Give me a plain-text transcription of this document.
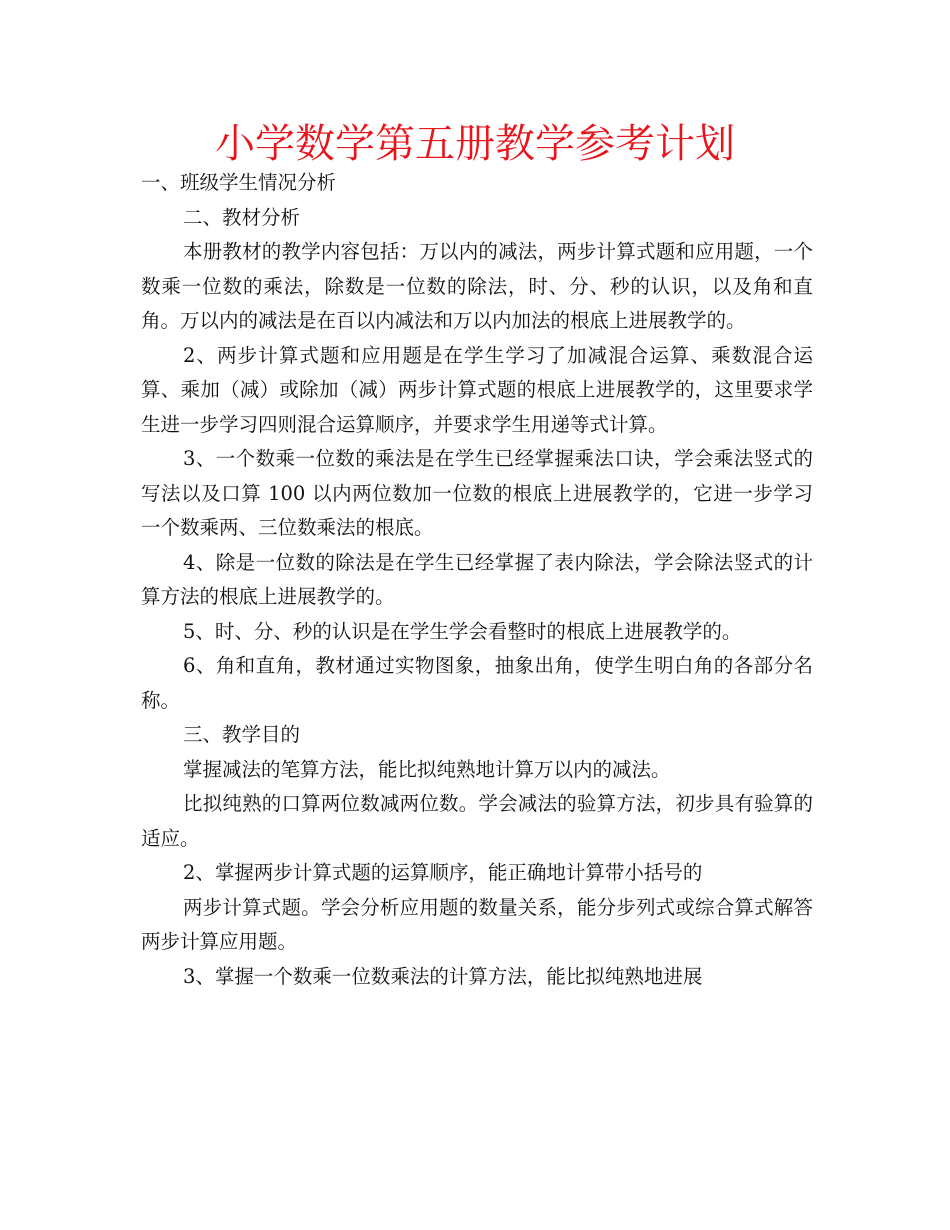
小学数学第五册教学参考计划

一、班级学生情况分析

二、教材分析

本册教材的教学内容包括：万以内的减法，两步计算式题和应用题，一个数乘一位数的乘法，除数是一位数的除法，时、分、秒的认识，以及角和直角。万以内的减法是在百以内减法和万以内加法的根底上进展教学的。

2、两步计算式题和应用题是在学生学习了加减混合运算、乘数混合运算、乘加（减）或除加（减）两步计算式题的根底上进展教学的，这里要求学生进一步学习四则混合运算顺序，并要求学生用递等式计算。

3、一个数乘一位数的乘法是在学生已经掌握乘法口诀，学会乘法竖式的写法以及口算 100 以内两位数加一位数的根底上进展教学的，它进一步学习一个数乘两、三位数乘法的根底。

4、除是一位数的除法是在学生已经掌握了表内除法，学会除法竖式的计算方法的根底上进展教学的。

5、时、分、秒的认识是在学生学会看整时的根底上进展教学的。

6、角和直角，教材通过实物图象，抽象出角，使学生明白角的各部分名称。

三、教学目的

掌握减法的笔算方法，能比拟纯熟地计算万以内的减法。

比拟纯熟的口算两位数减两位数。学会减法的验算方法，初步具有验算的适应。

2、掌握两步计算式题的运算顺序，能正确地计算带小括号的

两步计算式题。学会分析应用题的数量关系，能分步列式或综合算式解答两步计算应用题。

3、掌握一个数乘一位数乘法的计算方法，能比拟纯熟地进展
